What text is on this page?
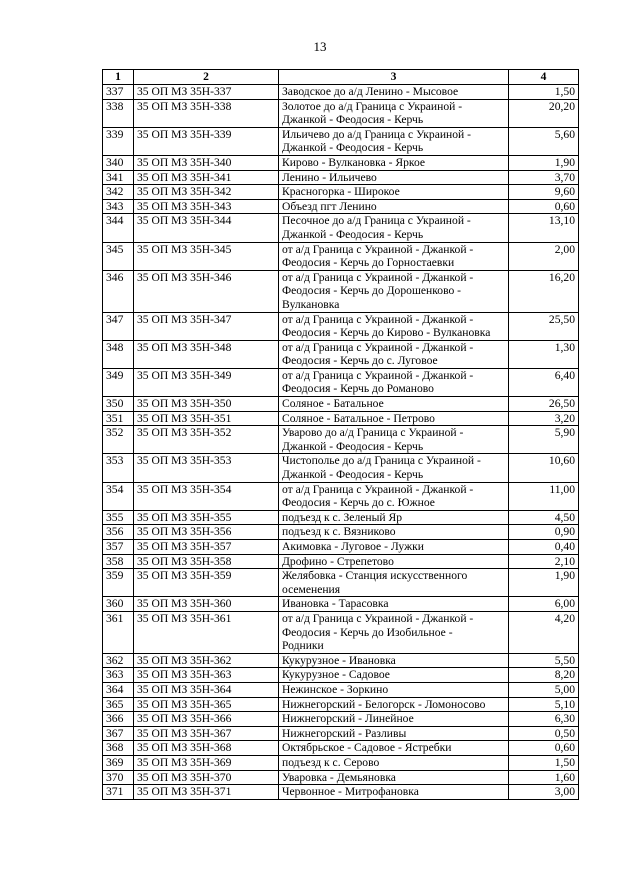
13
1	2	3	4
337	35 ОП МЗ 35Н-337	Заводское до а/д Ленино - Мысовое	1,50
338	35 ОП МЗ 35Н-338	Золотое до а/д Граница с Украиной -
Джанкой - Феодосия - Керчь	20,20
339	35 ОП МЗ 35Н-339	Ильичево до а/д Граница с Украиной -
Джанкой - Феодосия - Керчь	5,60
340	35 ОП МЗ 35Н-340	Кирово - Вулкановка - Яркое	1,90
341	35 ОП МЗ 35Н-341	Ленино - Ильичево	3,70
342	35 ОП МЗ 35Н-342	Красногорка - Широкое	9,60
343	35 ОП МЗ 35Н-343	Объезд пгт Ленино	0,60
344	35 ОП МЗ 35Н-344	Песочное до а/д Граница с Украиной -
Джанкой - Феодосия - Керчь	13,10
345	35 ОП МЗ 35Н-345	от а/д Граница с Украиной - Джанкой -
Феодосия - Керчь до Горностаевки	2,00
346	35 ОП МЗ 35Н-346	от а/д Граница с Украиной - Джанкой -
Феодосия - Керчь до Дорошенково -
Вулкановка	16,20
347	35 ОП МЗ 35Н-347	от а/д Граница с Украиной - Джанкой -
Феодосия - Керчь до Кирово - Вулкановка	25,50
348	35 ОП МЗ 35Н-348	от а/д Граница с Украиной - Джанкой -
Феодосия - Керчь до с. Луговое	1,30
349	35 ОП МЗ 35Н-349	от а/д Граница с Украиной - Джанкой -
Феодосия - Керчь до Романово	6,40
350	35 ОП МЗ 35Н-350	Соляное - Батальное	26,50
351	35 ОП МЗ 35Н-351	Соляное - Батальное - Петрово	3,20
352	35 ОП МЗ 35Н-352	Уварово до а/д Граница с Украиной -
Джанкой - Феодосия - Керчь	5,90
353	35 ОП МЗ 35Н-353	Чистополье до а/д Граница с Украиной -
Джанкой - Феодосия - Керчь	10,60
354	35 ОП МЗ 35Н-354	от а/д Граница с Украиной - Джанкой -
Феодосия - Керчь до с. Южное	11,00
355	35 ОП МЗ 35Н-355	подъезд к с. Зеленый Яр	4,50
356	35 ОП МЗ 35Н-356	подъезд к с. Вязниково	0,90
357	35 ОП МЗ 35Н-357	Акимовка - Луговое - Лужки	0,40
358	35 ОП МЗ 35Н-358	Дрофино - Стрепетово	2,10
359	35 ОП МЗ 35Н-359	Желябовка - Станция искусственного
осеменения	1,90
360	35 ОП МЗ 35Н-360	Ивановка - Тарасовка	6,00
361	35 ОП МЗ 35Н-361	от а/д Граница с Украиной - Джанкой -
Феодосия - Керчь до Изобильное -
Родники	4,20
362	35 ОП МЗ 35Н-362	Кукурузное - Ивановка	5,50
363	35 ОП МЗ 35Н-363	Кукурузное - Садовое	8,20
364	35 ОП МЗ 35Н-364	Нежинское - Зоркино	5,00
365	35 ОП МЗ 35Н-365	Нижнегорский - Белогорск - Ломоносово	5,10
366	35 ОП МЗ 35Н-366	Нижнегорский - Линейное	6,30
367	35 ОП МЗ 35Н-367	Нижнегорский - Разливы	0,50
368	35 ОП МЗ 35Н-368	Октябрьское - Садовое - Ястребки	0,60
369	35 ОП МЗ 35Н-369	подъезд к с. Серово	1,50
370	35 ОП МЗ 35Н-370	Уваровка - Демьяновка	1,60
371	35 ОП МЗ 35Н-371	Червонное - Митрофановка	3,00
